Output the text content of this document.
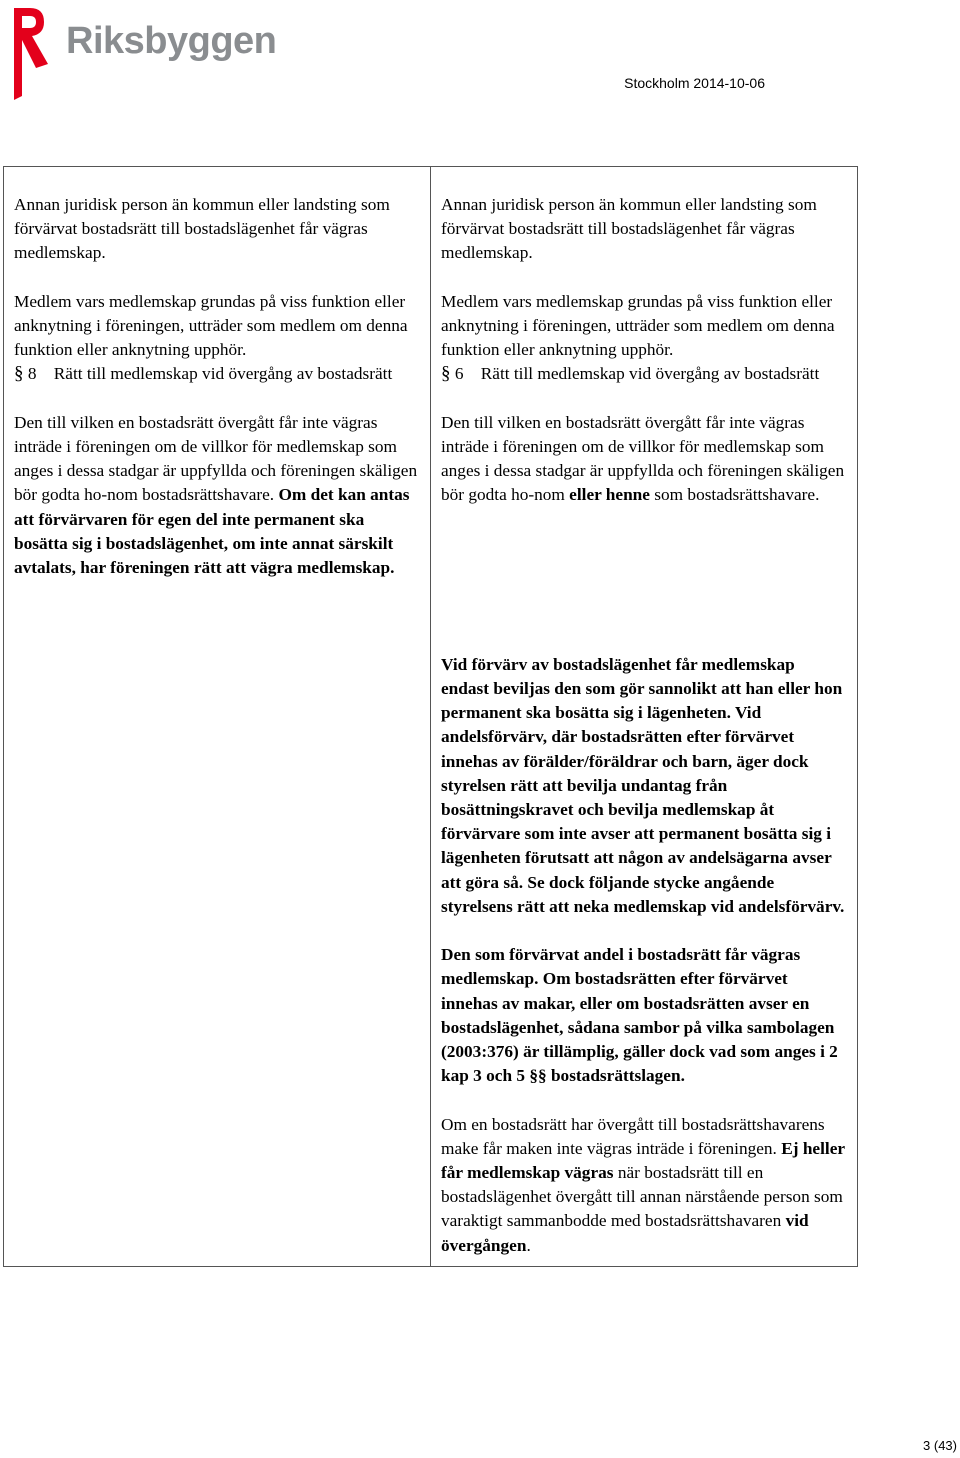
Riksbyggen
Stockholm 2014-10-06

Annan juridisk person än kommun eller landsting som förvärvat bostadsrätt till bostadslägenhet får vägras medlemskap.

Medlem vars medlemskap grundas på viss funktion eller anknytning i föreningen, utträder som medlem om denna funktion eller anknytning upphör.

§ 8 Rätt till medlemskap vid övergång av bostadsrätt

Den till vilken en bostadsrätt övergått får inte vägras inträde i föreningen om de villkor för medlemskap som anges i dessa stadgar är uppfyllda och föreningen skäligen bör godta ho-nom bostadsrättshavare. Om det kan antas att förvärvaren för egen del inte permanent ska bosätta sig i bostadslägenhet, om inte annat särskilt avtalats, har föreningen rätt att vägra medlemskap.

Annan juridisk person än kommun eller landsting som förvärvat bostadsrätt till bostadslägenhet får vägras medlemskap.

Medlem vars medlemskap grundas på viss funktion eller anknytning i föreningen, utträder som medlem om denna funktion eller anknytning upphör.

§ 6 Rätt till medlemskap vid övergång av bostadsrätt

Den till vilken en bostadsrätt övergått får inte vägras inträde i föreningen om de villkor för medlemskap som anges i dessa stadgar är uppfyllda och föreningen skäligen bör godta ho-nom eller henne som bostadsrättshavare.

Vid förvärv av bostadslägenhet får medlemskap endast beviljas den som gör sannolikt att han eller hon permanent ska bosätta sig i lägenheten. Vid andelsförvärv, där bostadsrätten efter förvärvet innehas av förälder/föräldrar och barn, äger dock styrelsen rätt att bevilja undantag från bosättningskravet och bevilja medlemskap åt förvärvare som inte avser att permanent bosätta sig i lägenheten förutsatt att någon av andelsägarna avser att göra så. Se dock följande stycke angående styrelsens rätt att neka medlemskap vid andelsförvärv.

Den som förvärvat andel i bostadsrätt får vägras medlemskap. Om bostadsrätten efter förvärvet innehas av makar, eller om bostadsrätten avser en bostadslägenhet, sådana sambor på vilka sambolagen (2003:376) är tillämplig, gäller dock vad som anges i 2 kap 3 och 5 §§ bostadsrättslagen.

Om en bostadsrätt har övergått till bostadsrättshavarens make får maken inte vägras inträde i föreningen. Ej heller får medlemskap vägras när bostadsrätt till en bostadslägenhet övergått till annan närstående person som varaktigt sammanbodde med bostadsrättshavaren vid övergången.

3 (43)
